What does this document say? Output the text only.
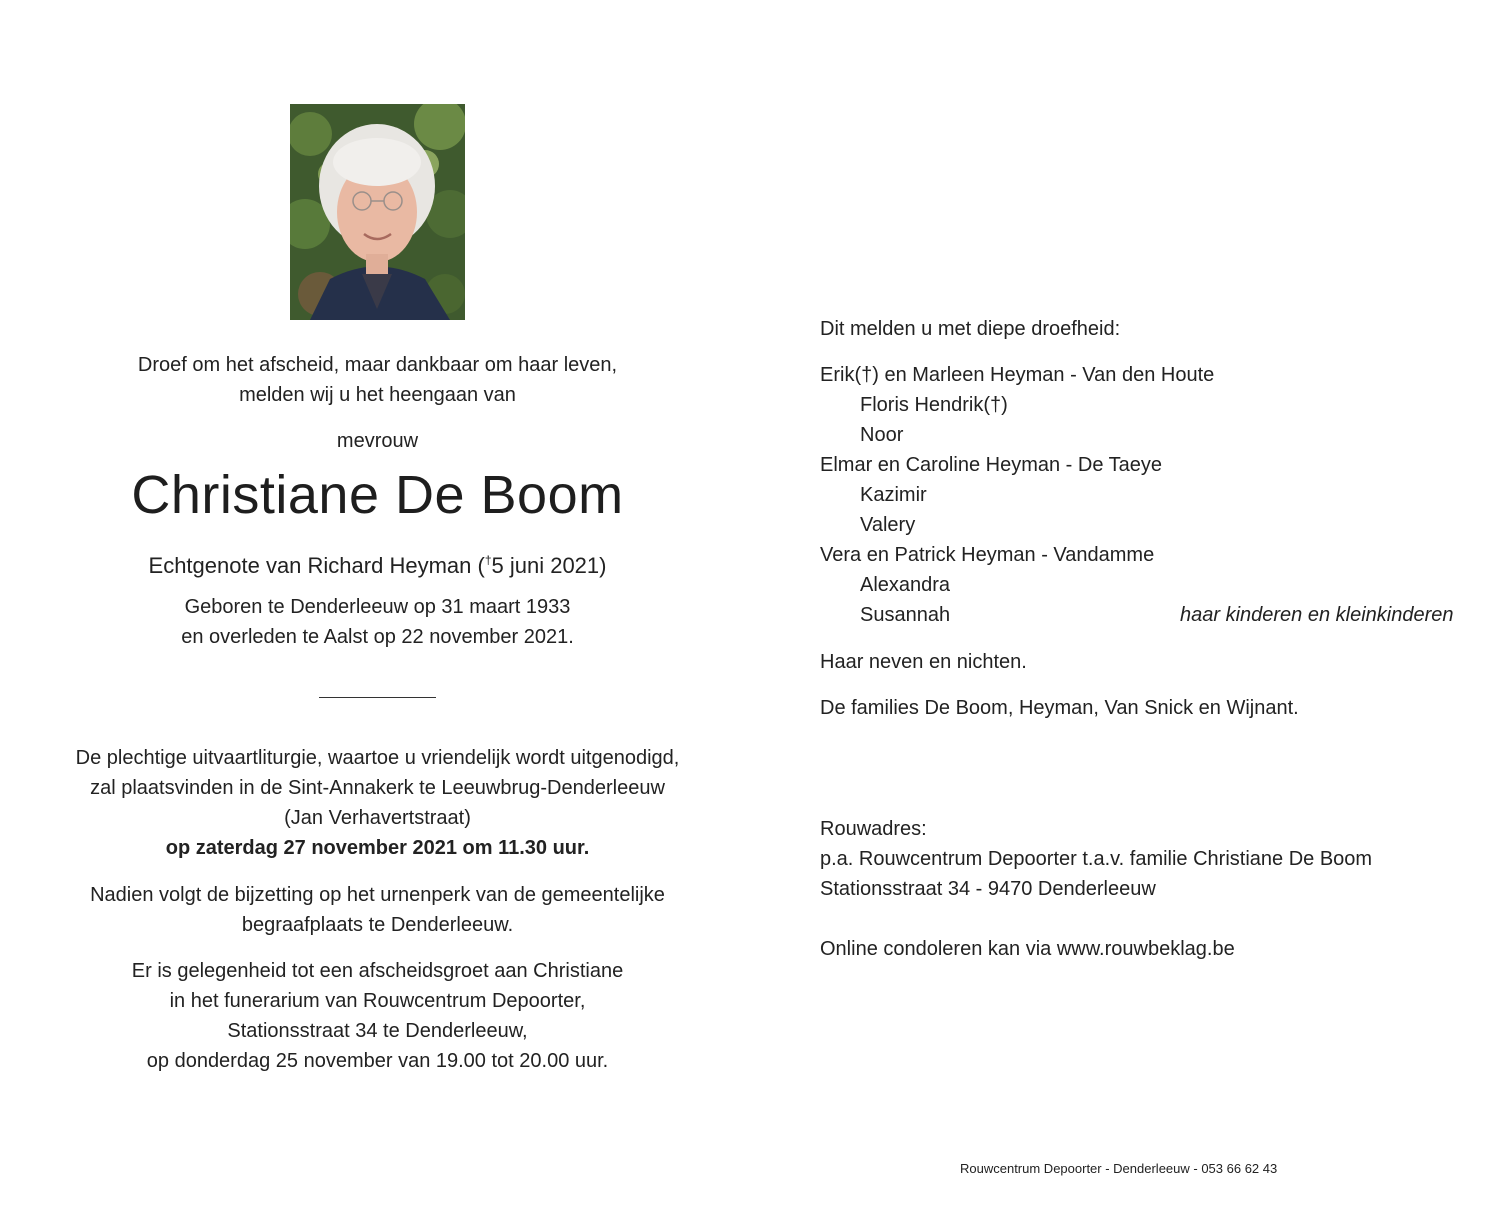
Droef om het afscheid, maar dankbaar om haar leven,
melden wij u het heengaan van
mevrouw
Christiane De Boom
Echtgenote van Richard Heyman (†5 juni 2021)
Geboren te Denderleeuw op 31 maart 1933
en overleden te Aalst op 22 november 2021.
De plechtige uitvaartliturgie, waartoe u vriendelijk wordt uitgenodigd,
zal plaatsvinden in de Sint-Annakerk te Leeuwbrug-Denderleeuw
(Jan Verhavertstraat)
op zaterdag 27 november 2021 om 11.30 uur.
Nadien volgt de bijzetting op het urnenperk van de gemeentelijke
begraafplaats te Denderleeuw.
Er is gelegenheid tot een afscheidsgroet aan Christiane
in het funerarium van Rouwcentrum Depoorter,
Stationsstraat 34 te Denderleeuw,
op donderdag 25 november van 19.00 tot 20.00 uur.
Dit melden u met diepe droefheid:
Erik(†) en Marleen Heyman - Van den Houte
Floris Hendrik(†)
Noor
Elmar en Caroline Heyman - De Taeye
Kazimir
Valery
Vera en Patrick Heyman - Vandamme
Alexandra
Susannah	haar kinderen en kleinkinderen
Haar neven en nichten.
De families De Boom, Heyman, Van Snick en Wijnant.
Rouwadres:
p.a. Rouwcentrum Depoorter t.a.v. familie Christiane De Boom
Stationsstraat 34 - 9470 Denderleeuw
Online condoleren kan via www.rouwbeklag.be
Rouwcentrum Depoorter - Denderleeuw - 053 66 62 43
